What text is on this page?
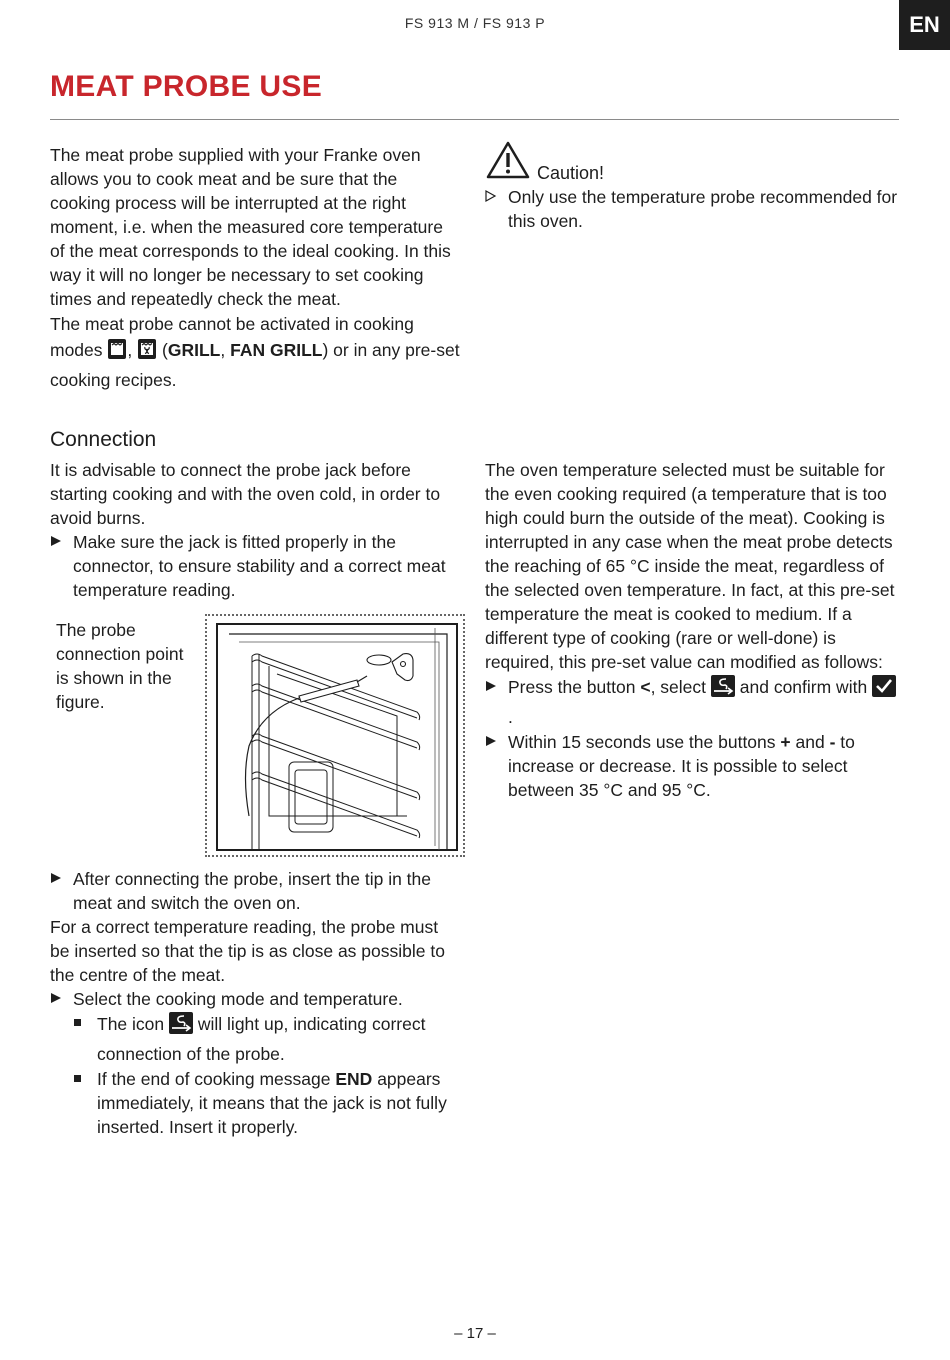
FS 913 M / FS 913 P	EN
MEAT PROBE USE

The meat probe supplied with your Franke oven allows you to cook meat and be sure that the cooking process will be interrupted at the right moment, i.e. when the measured core temperature of the meat corresponds to the ideal cooking. In this way it will no longer be necessary to set cooking times and repeatedly check the meat.

The meat probe cannot be activated in cooking modes , (GRILL, FAN GRILL) or in any pre-set cooking recipes.

Caution!
Only use the temperature probe recommended for this oven.
Connection

It is advisable to connect the probe jack before starting cooking and with the oven cold, in order to avoid burns.

Make sure the jack is fitted properly in the connector, to ensure stability and a correct meat temperature reading.

The probe connection point is shown in the figure.

After connecting the probe, insert the tip in the meat and switch the oven on.

For a correct temperature reading, the probe must be inserted so that the tip is as close as possible to the centre of the meat.

Select the cooking mode and temperature.
The icon will light up, indicating correct connection of the probe.
If the end of cooking message END appears immediately, it means that the jack is not fully inserted. Insert it properly.

The oven temperature selected must be suitable for the even cooking required (a temperature that is too high could burn the outside of the meat). Cooking is interrupted in any case when the meat probe detects the reaching of 65 °C inside the meat, regardless of the selected oven temperature. In fact, at this pre-set temperature the meat is cooked to medium. If a different type of cooking (rare or well-done) is required, this pre-set value can modified as follows:

Press the button <, select and confirm with .
Within 15 seconds use the buttons + and - to increase or decrease. It is possible to select between 35 °C and 95 °C.
– 17 –
